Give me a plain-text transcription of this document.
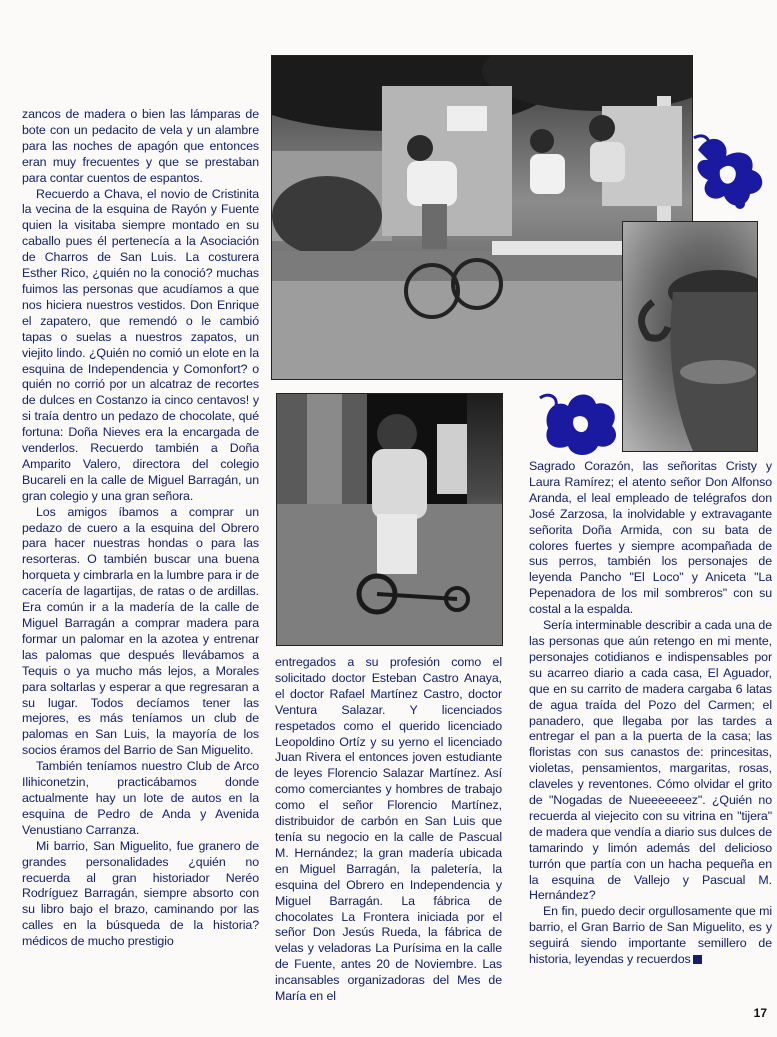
zancos de madera o bien las lámparas de bote con un pedacito de vela y un alambre para las noches de apagón que entonces eran muy frecuentes y que se prestaban para contar cuentos de espantos.

Recuerdo a Chava, el novio de Cristinita la vecina de la esquina de Rayón y Fuente quien la visitaba siempre montado en su caballo pues él pertenecía a la Asociación de Charros de San Luis. La costurera Esther Rico, ¿quién no la conoció? muchas fuimos las personas que acudíamos a que nos hiciera nuestros vestidos. Don Enrique el zapatero, que remendó o le cambió tapas o suelas a nuestros zapatos, un viejito lindo. ¿Quién no comió un elote en la esquina de Independencia y Comonfort? o quién no corrió por un alcatraz de recortes de dulces en Costanzo ia cinco centavos! y si traía dentro un pedazo de chocolate, qué fortuna: Doña Nieves era la encargada de venderlos. Recuerdo también a Doña Amparito Valero, directora del colegio Bucareli en la calle de Miguel Barragán, un gran colegio y una gran señora.

Los amigos íbamos a comprar un pedazo de cuero a la esquina del Obrero para hacer nuestras hondas o para las resorteras. O también buscar una buena horqueta y cimbrarla en la lumbre para ir de cacería de lagartijas, de ratas o de ardillas. Era común ir a la madería de la calle de Miguel Barragán a comprar madera para formar un palomar en la azotea y entrenar las palomas que después llevábamos a Tequis o ya mucho más lejos, a Morales para soltarlas y esperar a que regresaran a su lugar. Todos decíamos tener las mejores, es más teníamos un club de palomas en San Luis, la mayoría de los socios éramos del Barrio de San Miguelito.

También teníamos nuestro Club de Arco Ilihiconetzin, practicábamos donde actualmente hay un lote de autos en la esquina de Pedro de Anda y Avenida Venustiano Carranza.

Mi barrio, San Miguelito, fue granero de grandes personalidades ¿quién no recuerda al gran historiador Neréo Rodríguez Barragán, siempre absorto con su libro bajo el brazo, caminando por las calles en la búsqueda de la historia? médicos de mucho prestigio

entregados a su profesión como el solicitado doctor Esteban Castro Anaya, el doctor Rafael Martínez Castro, doctor Ventura Salazar. Y licenciados respetados como el querido licenciado Leopoldino Ortíz y su yerno el licenciado Juan Rivera el entonces joven estudiante de leyes Florencio Salazar Martínez. Así como comerciantes y hombres de trabajo como el señor Florencio Martínez, distribuidor de carbón en San Luis que tenía su negocio en la calle de Pascual M. Hernández; la gran madería ubicada en Miguel Barragán, la paletería, la esquina del Obrero en Independencia y Miguel Barragán. La fábrica de chocolates La Frontera iniciada por el señor Don Jesús Rueda, la fábrica de velas y veladoras La Purísima en la calle de Fuente, antes 20 de Noviembre. Las incansables organizadoras del Mes de María en el

Sagrado Corazón, las señoritas Cristy y Laura Ramírez; el atento señor Don Alfonso Aranda, el leal empleado de telégrafos don José Zarzosa, la inolvidable y extravagante señorita Doña Armida, con su bata de colores fuertes y siempre acompañada de sus perros, también los personajes de leyenda Pancho "El Loco" y Aniceta "La Pepenadora de los mil sombreros" con su costal a la espalda.

Sería interminable describir a cada una de las personas que aún retengo en mi mente, personajes cotidianos e indispensables por su acarreo diario a cada casa, El Aguador, que en su carrito de madera cargaba 6 latas de agua traída del Pozo del Carmen; el panadero, que llegaba por las tardes a entregar el pan a la puerta de la casa; las floristas con sus canastos de: princesitas, violetas, pensamientos, margaritas, rosas, claveles y reventones. Cómo olvidar el grito de "Nogadas de Nueeeeeeez". ¿Quién no recuerda al viejecito con su vitrina en "tijera" de madera que vendía a diario sus dulces de tamarindo y limón además del delicioso turrón que partía con un hacha pequeña en la esquina de Vallejo y Pascual M. Hernández?

En fin, puedo decir orgullosamente que mi barrio, el Gran Barrio de San Miguelito, es y seguirá siendo importante semillero de historia, leyendas y recuerdos

17
